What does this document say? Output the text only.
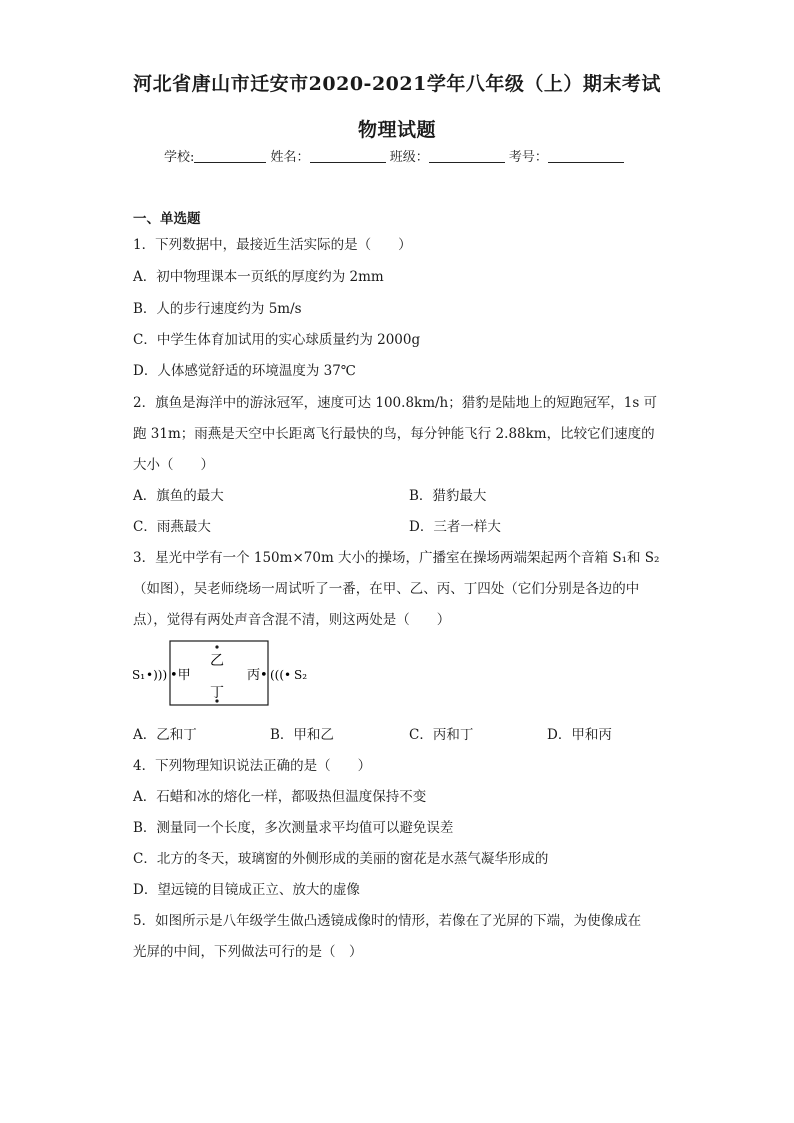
河北省唐山市迁安市2020-2021学年八年级（上）期末考试
物理试题
学校:	姓名：	班级：	考号：
一、单选题
1．下列数据中，最接近生活实际的是（　　）
A．初中物理课本一页纸的厚度约为 2mm
B．人的步行速度约为 5m/s
C．中学生体育加试用的实心球质量约为 2000g
D．人体感觉舒适的环境温度为 37℃
2．旗鱼是海洋中的游泳冠军，速度可达 100.8km/h；猎豹是陆地上的短跑冠军，1s 可
跑 31m；雨燕是天空中长距离飞行最快的鸟，每分钟能飞行 2.88km，比较它们速度的
大小（　　）
A．旗鱼的最大	B．猎豹最大
C．雨燕最大	D．三者一样大
3．星光中学有一个 150m×70m 大小的操场，广播室在操场两端架起两个音箱 S₁和 S₂
（如图），吴老师绕场一周试听了一番，在甲、乙、丙、丁四处（它们分别是各边的中
点），觉得有两处声音含混不清，则这两处是（　　）
S₁ •))) •甲
乙
丁
丙• (((• S₂
A．乙和丁	B．甲和乙	C．丙和丁	D．甲和丙
4．下列物理知识说法正确的是（　　）
A．石蜡和冰的熔化一样，都吸热但温度保持不变
B．测量同一个长度，多次测量求平均值可以避免误差
C．北方的冬天，玻璃窗的外侧形成的美丽的窗花是水蒸气凝华形成的
D．望远镜的目镜成正立、放大的虚像
5．如图所示是八年级学生做凸透镜成像时的情形，若像在了光屏的下端，为使像成在
光屏的中间，下列做法可行的是（　）
